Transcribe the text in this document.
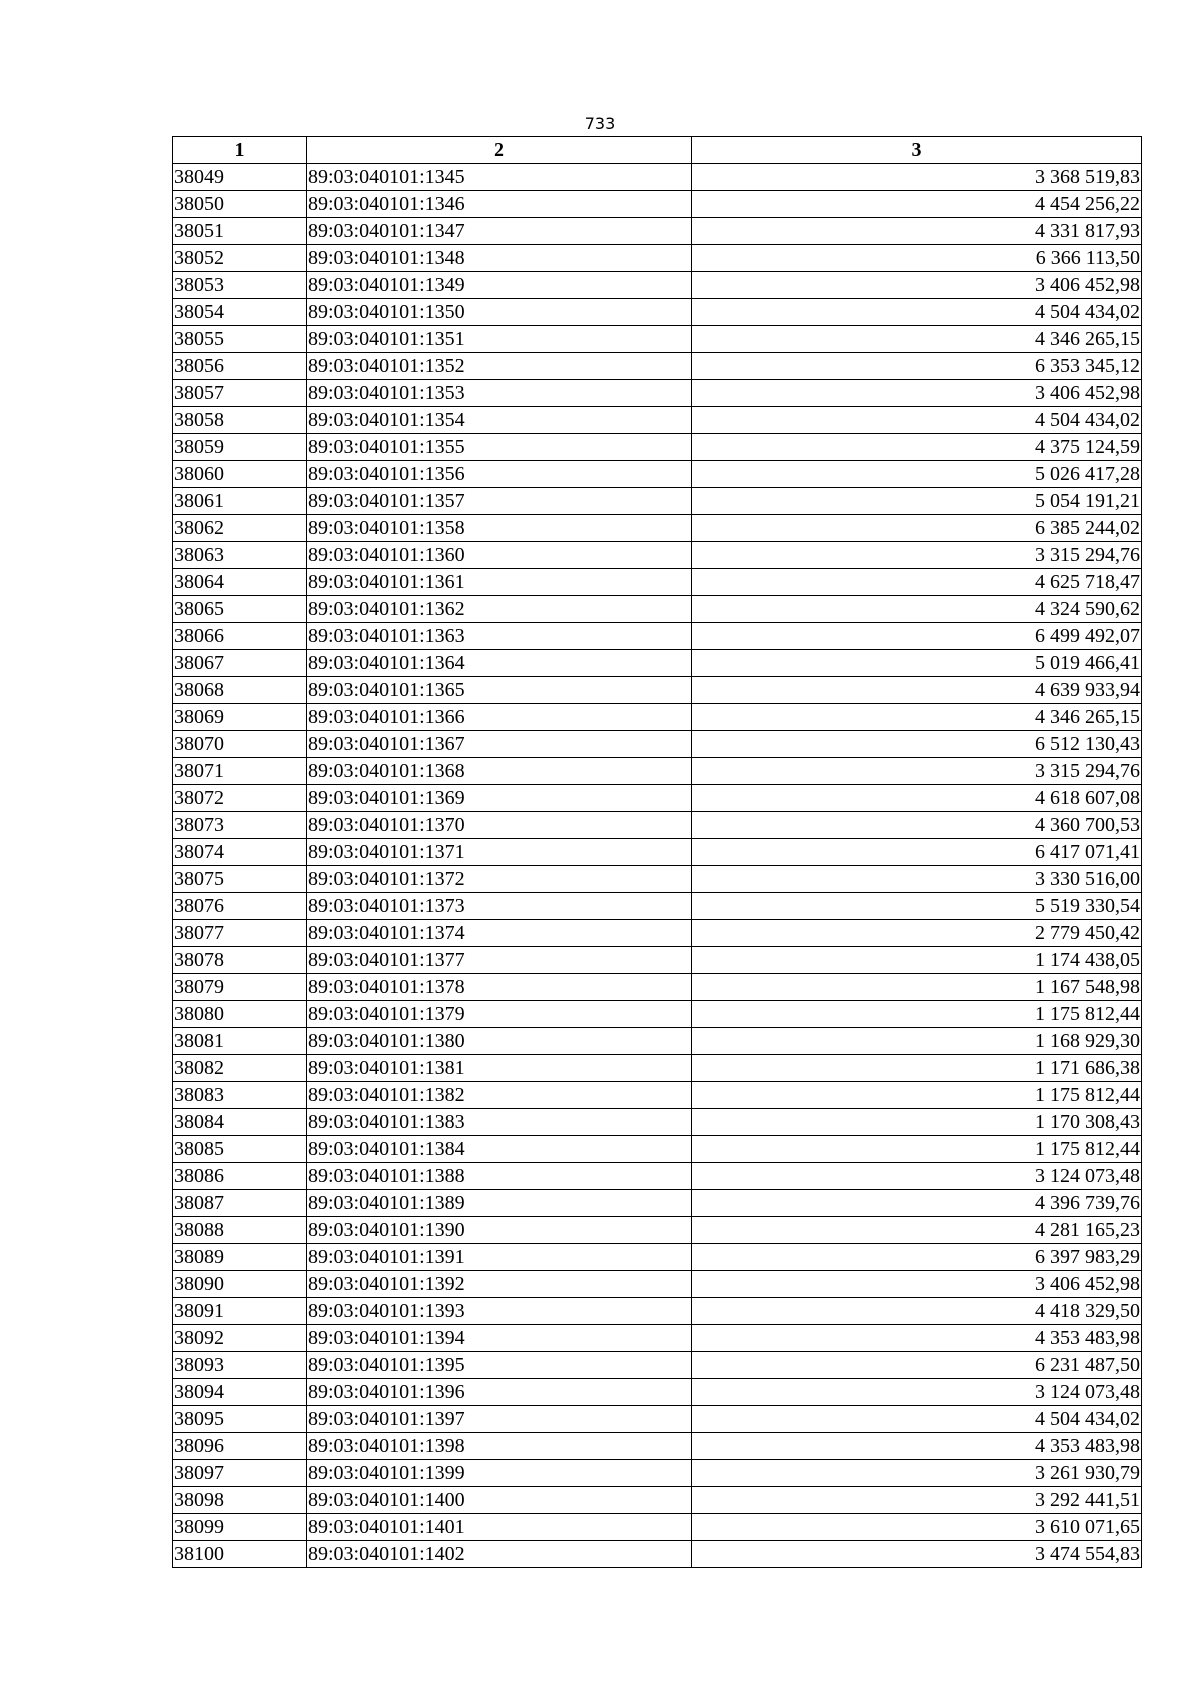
733
1	2	3
38049	89:03:040101:1345	3 368 519,83
38050	89:03:040101:1346	4 454 256,22
38051	89:03:040101:1347	4 331 817,93
38052	89:03:040101:1348	6 366 113,50
38053	89:03:040101:1349	3 406 452,98
38054	89:03:040101:1350	4 504 434,02
38055	89:03:040101:1351	4 346 265,15
38056	89:03:040101:1352	6 353 345,12
38057	89:03:040101:1353	3 406 452,98
38058	89:03:040101:1354	4 504 434,02
38059	89:03:040101:1355	4 375 124,59
38060	89:03:040101:1356	5 026 417,28
38061	89:03:040101:1357	5 054 191,21
38062	89:03:040101:1358	6 385 244,02
38063	89:03:040101:1360	3 315 294,76
38064	89:03:040101:1361	4 625 718,47
38065	89:03:040101:1362	4 324 590,62
38066	89:03:040101:1363	6 499 492,07
38067	89:03:040101:1364	5 019 466,41
38068	89:03:040101:1365	4 639 933,94
38069	89:03:040101:1366	4 346 265,15
38070	89:03:040101:1367	6 512 130,43
38071	89:03:040101:1368	3 315 294,76
38072	89:03:040101:1369	4 618 607,08
38073	89:03:040101:1370	4 360 700,53
38074	89:03:040101:1371	6 417 071,41
38075	89:03:040101:1372	3 330 516,00
38076	89:03:040101:1373	5 519 330,54
38077	89:03:040101:1374	2 779 450,42
38078	89:03:040101:1377	1 174 438,05
38079	89:03:040101:1378	1 167 548,98
38080	89:03:040101:1379	1 175 812,44
38081	89:03:040101:1380	1 168 929,30
38082	89:03:040101:1381	1 171 686,38
38083	89:03:040101:1382	1 175 812,44
38084	89:03:040101:1383	1 170 308,43
38085	89:03:040101:1384	1 175 812,44
38086	89:03:040101:1388	3 124 073,48
38087	89:03:040101:1389	4 396 739,76
38088	89:03:040101:1390	4 281 165,23
38089	89:03:040101:1391	6 397 983,29
38090	89:03:040101:1392	3 406 452,98
38091	89:03:040101:1393	4 418 329,50
38092	89:03:040101:1394	4 353 483,98
38093	89:03:040101:1395	6 231 487,50
38094	89:03:040101:1396	3 124 073,48
38095	89:03:040101:1397	4 504 434,02
38096	89:03:040101:1398	4 353 483,98
38097	89:03:040101:1399	3 261 930,79
38098	89:03:040101:1400	3 292 441,51
38099	89:03:040101:1401	3 610 071,65
38100	89:03:040101:1402	3 474 554,83
